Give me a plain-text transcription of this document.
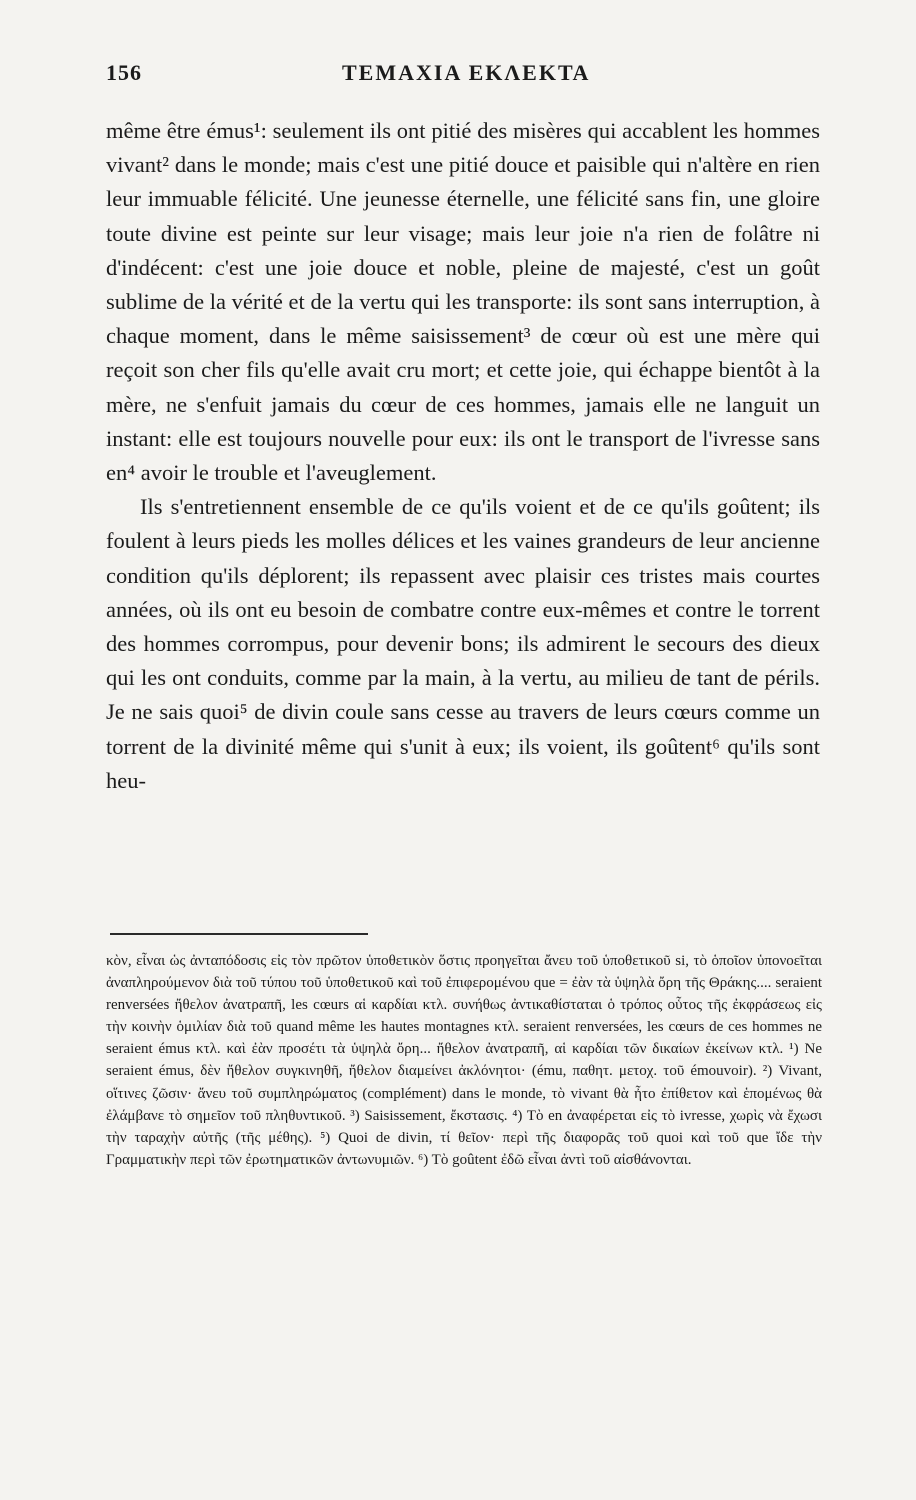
156	ΤΕΜΑΧΙΑ ΕΚΛΕΚΤΑ

même être émus¹: seulement ils ont pitié des misères qui accablent les hommes vivant² dans le monde; mais c'est une pitié douce et paisible qui n'altère en rien leur immuable félicité. Une jeunesse éternelle, une félicité sans fin, une gloire toute divine est peinte sur leur visage; mais leur joie n'a rien de folâtre ni d'indécent: c'est une joie douce et noble, pleine de majesté, c'est un goût sublime de la vérité et de la vertu qui les transporte: ils sont sans interruption, à chaque moment, dans le même saisissement³ de cœur où est une mère qui reçoit son cher fils qu'elle avait cru mort; et cette joie, qui échappe bientôt à la mère, ne s'enfuit jamais du cœur de ces hommes, jamais elle ne languit un instant: elle est toujours nouvelle pour eux: ils ont le transport de l'ivresse sans en⁴ avoir le trouble et l'aveuglement.

Ils s'entretiennent ensemble de ce qu'ils voient et de ce qu'ils goûtent; ils foulent à leurs pieds les molles délices et les vaines grandeurs de leur ancienne condition qu'ils déplorent; ils repassent avec plaisir ces tristes mais courtes années, où ils ont eu besoin de combatre contre eux-mêmes et contre le torrent des hommes corrompus, pour devenir bons; ils admirent le secours des dieux qui les ont conduits, comme par la main, à la vertu, au milieu de tant de périls. Je ne sais quoi⁵ de divin coule sans cesse au travers de leurs cœurs comme un torrent de la divinité même qui s'unit à eux; ils voient, ils goûtent⁶ qu'ils sont heu-

κὸν, εἶναι ὡς ἀνταπόδοσις εἰς τὸν πρῶτον ὑποθετικὸν ὅστις προηγεῖται ἄνευ τοῦ ὑποθετικοῦ si, τὸ ὁποῖον ὑπονοεῖται ἀναπληρούμενον διὰ τοῦ τύπου τοῦ ὑποθετικοῦ καὶ τοῦ ἐπιφερομένου que = ἐὰν τὰ ὑψηλὰ ὄρη τῆς Θράκης.... seraient renversées ἤθελον ἀνατραπῆ, les cœurs αἱ καρδίαι κτλ. συνήθως ἀντικαθίσταται ὁ τρόπος οὗτος τῆς ἐκφράσεως εἰς τὴν κοινὴν ὁμιλίαν διὰ τοῦ quand même les hautes montagnes κτλ. seraient renversées, les cœurs de ces hommes ne seraient émus κτλ. καὶ ἐὰν προσέτι τὰ ὑψηλὰ ὄρη... ἤθελον ἀνατραπῆ, αἱ καρδίαι τῶν δικαίων ἐκείνων κτλ. ¹) Ne seraient émus, δὲν ἤθελον συγκινηθῆ, ἤθελον διαμείνει ἀκλόνητοι· (ému, παθητ. μετοχ. τοῦ émouvoir). ²) Vivant, οἵτινες ζῶσιν· ἄνευ τοῦ συμπληρώματος (complément) dans le monde, τὸ vivant θὰ ἦτο ἐπίθετον καὶ ἑπομένως θὰ ἐλάμβανε τὸ σημεῖον τοῦ πληθυντικοῦ. ³) Saisissement, ἔκστασις. ⁴) Τὸ en ἀναφέρεται εἰς τὸ ivresse, χωρὶς νὰ ἔχωσι τὴν ταραχὴν αὐτῆς (τῆς μέθης). ⁵) Quoi de divin, τί θεῖον· περὶ τῆς διαφορᾶς τοῦ quoi καὶ τοῦ que ἴδε τὴν Γραμματικὴν περὶ τῶν ἐρωτηματικῶν ἀντωνυμιῶν. ⁶) Τὸ goûtent ἐδῶ εἶναι ἀντὶ τοῦ αἰσθάνονται.
